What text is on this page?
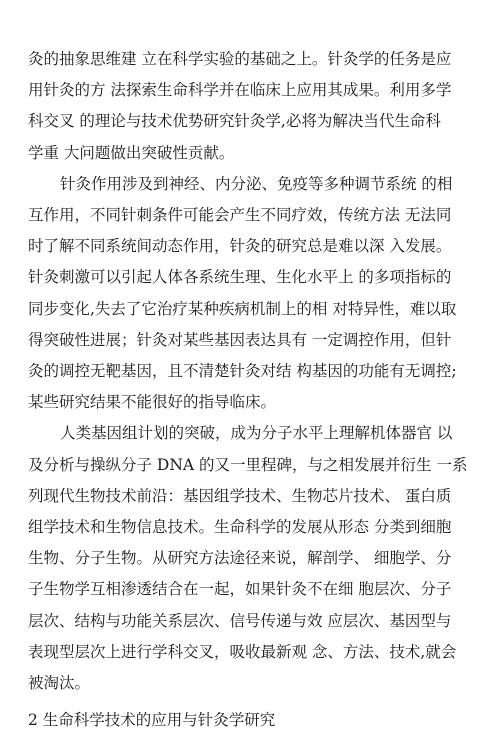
灸的抽象思维建 立在科学实验的基础之上。针灸学的任务是应
用针灸的方 法探索生命科学并在临床上应用其成果。利用多学
科交叉 的理论与技术优势研究针灸学,必将为解决当代生命科
学重 大问题做出突破性贡献。
针灸作用涉及到神经、内分泌、免疫等多种调节系统 的相
互作用，不同针刺条件可能会产生不同疗效，传统方法 无法同
时了解不同系统间动态作用，针灸的研究总是难以深 入发展。
针灸刺激可以引起人体各系统生理、生化水平上 的多项指标的
同步变化,失去了它治疗某种疾病机制上的相 对特异性，难以取
得突破性进展；针灸对某些基因表达具有 一定调控作用，但针
灸的调控无靶基因，且不清楚针灸对结 构基因的功能有无调控;
某些研究结果不能很好的指导临床。
人类基因组计划的突破，成为分子水平上理解机体器官 以
及分析与操纵分子 DNA 的又一里程碑，与之相发展并衍生 一系
列现代生物技术前沿：基因组学技术、生物芯片技术、 蛋白质
组学技术和生物信息技术。生命科学的发展从形态 分类到细胞
生物、分子生物。从研究方法途径来说，解剖学、 细胞学、分
子生物学互相渗透结合在一起，如果针灸不在细 胞层次、分子
层次、结构与功能关系层次、信号传递与效 应层次、基因型与
表现型层次上进行学科交叉，吸收最新观 念、方法、技术,就会
被淘汰。
2 生命科学技术的应用与针灸学研究
